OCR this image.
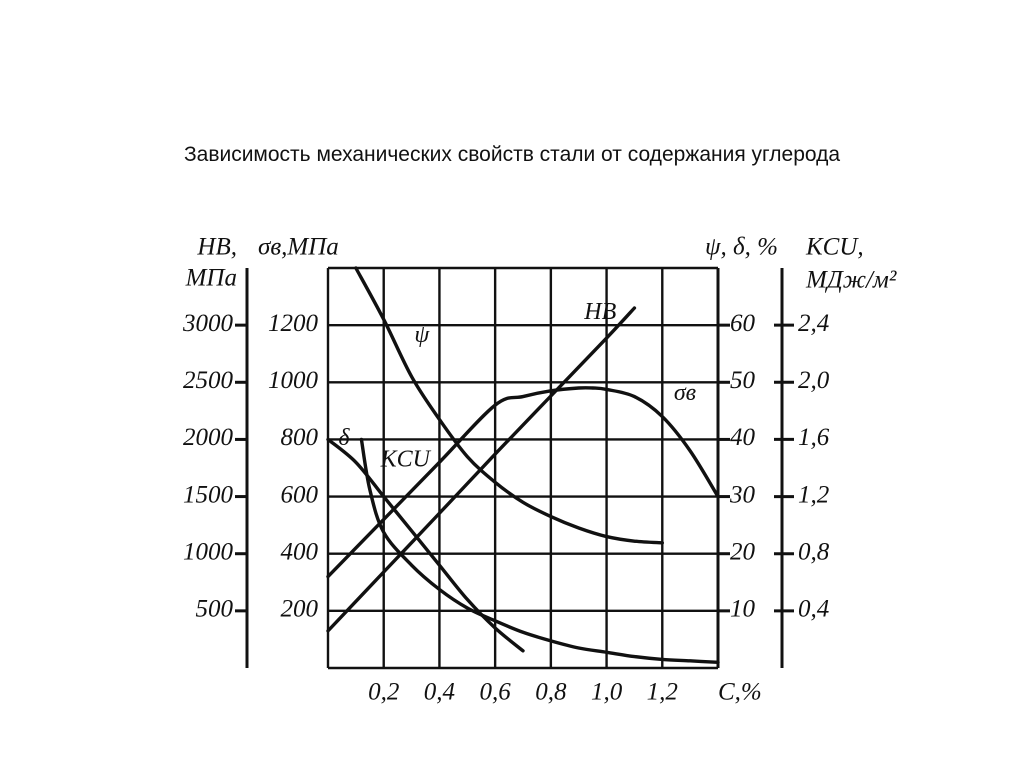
Зависимость механических свойств стали от содержания углерода
500
1000
1500
2000
2500
3000
200
400
600
800
1000
1200
10
20
30
40
50
60
0,4
0,8
1,2
1,6
2,0
2,4
0,2 0,4 0,6 0,8 1,0 1,2 C,%
HB,
МПа
σв,МПа	ψ, δ, % KCU,
МДж/м²
HB
ψ
σв
δ
KCU
